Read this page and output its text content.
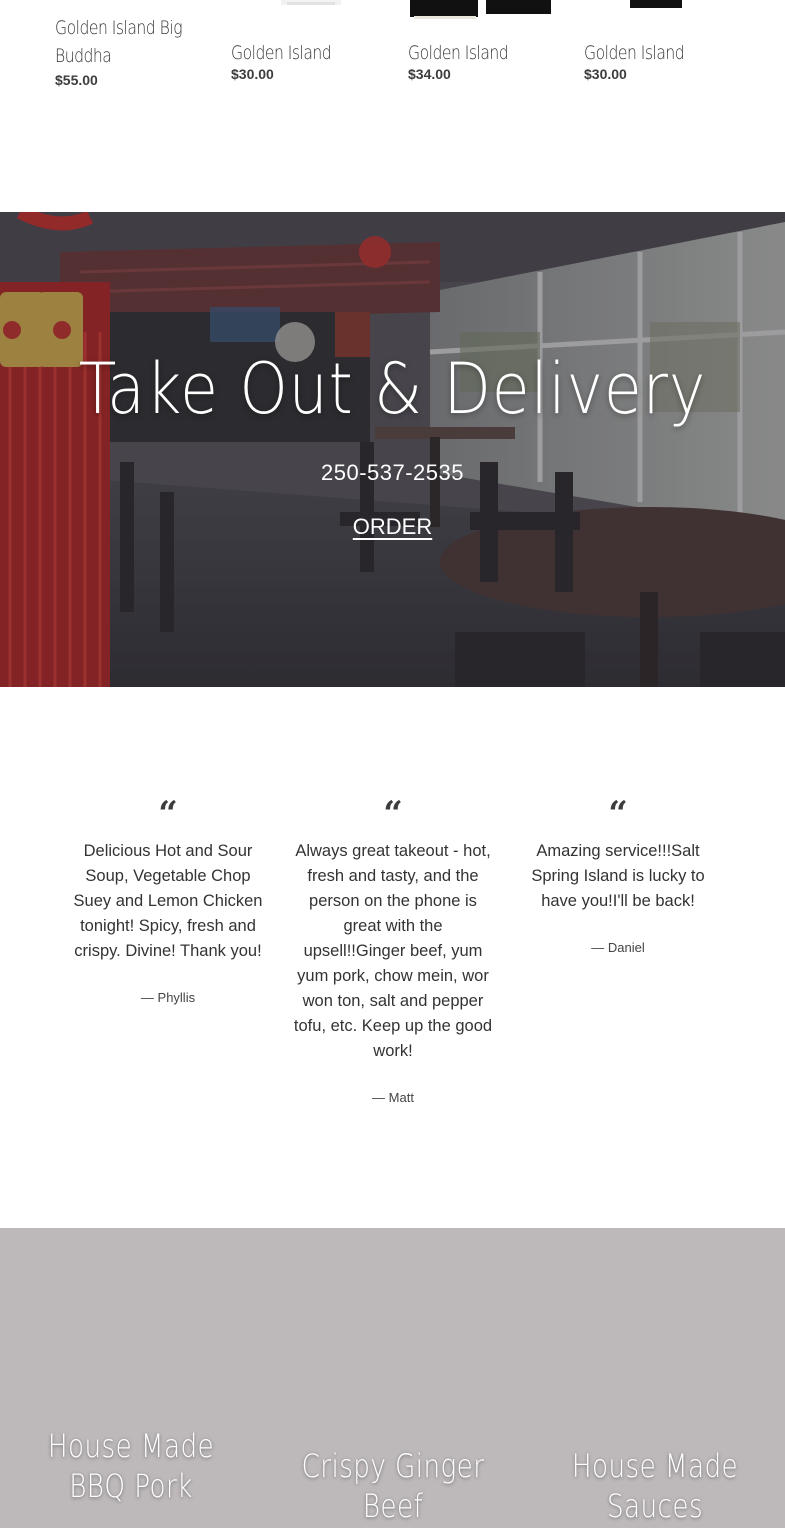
Golden Island Big Buddha
$55.00
Golden Island
$30.00
Golden Island
$34.00
Golden Island
$30.00
Take Out & Delivery
250-537-2535
ORDER
“

Delicious Hot and Sour Soup, Vegetable Chop Suey and Lemon Chicken tonight! Spicy, fresh and crispy. Divine! Thank you!

— Phyllis
“

Always great takeout - hot, fresh and tasty, and the person on the phone is great with the upsell!!Ginger beef, yum yum pork, chow mein, wor won ton, salt and pepper tofu, etc. Keep up the good work!

— Matt
“

Amazing service!!!Salt Spring Island is lucky to have you!I'll be back!

— Daniel
House Made BBQ Pork
Crispy Ginger Beef
House Made Sauces
